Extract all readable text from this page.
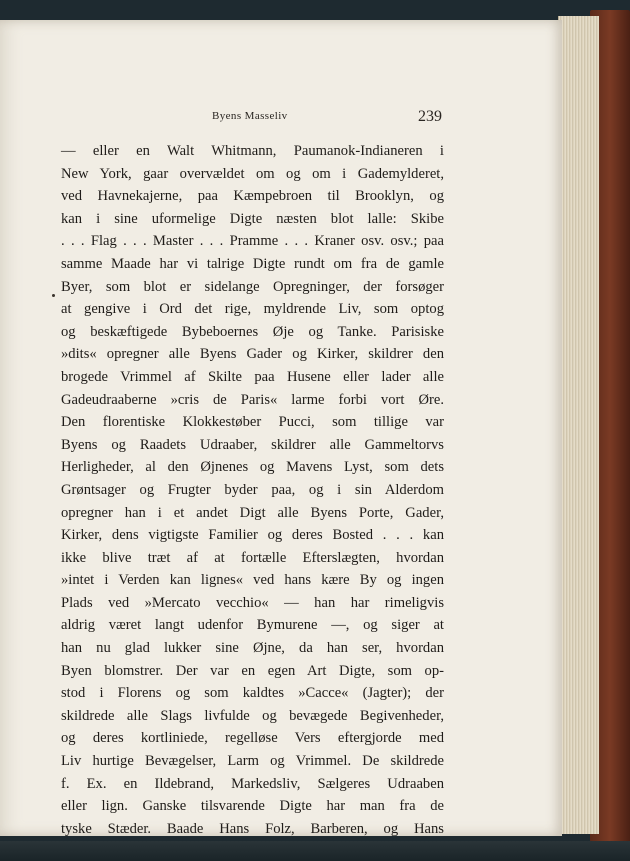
Byens Masseliv	239
— eller en Walt Whitmann, Paumanok-Indianeren i
New York, gaar overvældet om og om i Gademylderet,
ved Havnekajerne, paa Kæmpebroen til Brooklyn, og
kan i sine uformelige Digte næsten blot lalle: Skibe
. . . Flag . . . Master . . . Pramme . . . Kraner osv. osv.; paa
samme Maade har vi talrige Digte rundt om fra de gamle
Byer, som blot er sidelange Opregninger, der forsøger
at gengive i Ord det rige, myldrende Liv, som optog
og beskæftigede Bybeboernes Øje og Tanke. Parisiske
»dits« opregner alle Byens Gader og Kirker, skildrer den
brogede Vrimmel af Skilte paa Husene eller lader alle
Gadeudraaberne »cris de Paris« larme forbi vort Øre.
Den florentiske Klokkestøber Pucci, som tillige var
Byens og Raadets Udraaber, skildrer alle Gammeltorvs
Herligheder, al den Øjnenes og Mavens Lyst, som dets
Grøntsager og Frugter byder paa, og i sin Alderdom
opregner han i et andet Digt alle Byens Porte, Gader,
Kirker, dens vigtigste Familier og deres Bosted . . . kan
ikke blive træt af at fortælle Efterslægten, hvordan
»intet i Verden kan lignes« ved hans kære By og ingen
Plads ved »Mercato vecchio« — han har rimeligvis
aldrig været langt udenfor Bymurene —, og siger at
han nu glad lukker sine Øjne, da han ser, hvordan
Byen blomstrer. Der var en egen Art Digte, som op-
stod i Florens og som kaldtes »Cacce« (Jagter); der
skildrede alle Slags livfulde og bevægede Begivenheder,
og deres kortliniede, regelløse Vers eftergjorde med
Liv hurtige Bevægelser, Larm og Vrimmel. De skildrede
f. Ex. en Ildebrand, Markedsliv, Sælgeres Udraaben
eller lign. Ganske tilsvarende Digte har man fra de
tyske Stæder. Baade Hans Folz, Barberen, og Hans
